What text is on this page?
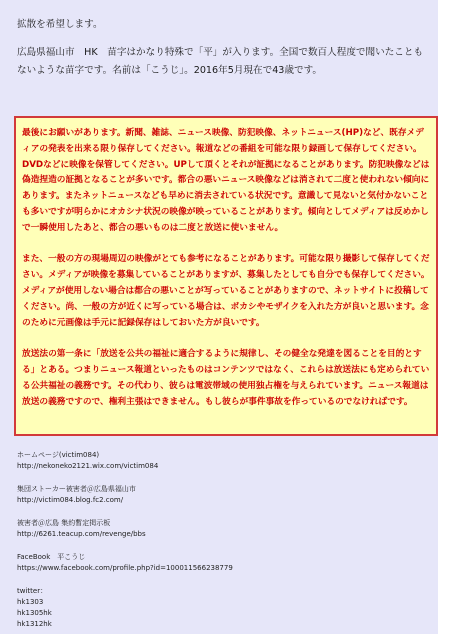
拡散を希望します。

広島県福山市　HK　苗字はかなり特殊で「平」が入ります。全国で数百人程度で聞いたこともないような苗字です。名前は「こうじ」。2016年5月現在で43歳です。

最後にお願いがあります。新聞、雑誌、ニュース映像、防犯映像、ネットニュース(HP)など、既存メディアの発表を出来る限り保存してください。報道などの番組を可能な限り録画して保存してください。DVDなどに映像を保管してください。UPして頂くとそれが証拠になることがあります。防犯映像などは偽造捏造の証拠となることが多いです。都合の悪いニュース映像などは消されて二度と使われない傾向にあります。またネットニュースなども早めに消去されている状況です。意識して見ないと気付かないことも多いですが明らかにオカシナ状況の映像が映っていることがあります。傾向としてメディアは反めかしで一瞬使用したあと、都合の悪いものは二度と放送に使いません。

また、一般の方の現場周辺の映像がとても参考になることがあります。可能な限り撮影して保存してください。メディアが映像を募集していることがありますが、募集したとしても自分でも保存してください。メディアが使用しない場合は都合の悪いことが写っていることがありますので、ネットサイトに投稿してください。尚、一般の方が近くに写っている場合は、ボカシやモザイクを入れた方が良いと思います。念のために元画像は手元に記録保存はしておいた方が良いです。

放送法の第一条に「放送を公共の福祉に適合するように規律し、その健全な発達を図ることを目的とする」とある。つまりニュース報道といったものはコンテンツではなく、これらは放送法にも定められている公共福祉の義務です。その代わり、彼らは電波帯域の使用独占権を与えられています。ニュース報道は放送の義務ですので、権利主張はできません。もし彼らが事件事故を作っているのでなければです。

ホームページ(victim084)
http://nekoneko2121.wix.com/victim084
集団ストーカー被害者＠広島県福山市
http://victim084.blog.fc2.com/
被害者＠広島 集約暫定掲示板
http://6261.teacup.com/revenge/bbs
FaceBook　平こうじ
https://www.facebook.com/profile.php?id=100011566238779
twitter：
hk1303
hk1305hk
hk1312hk
